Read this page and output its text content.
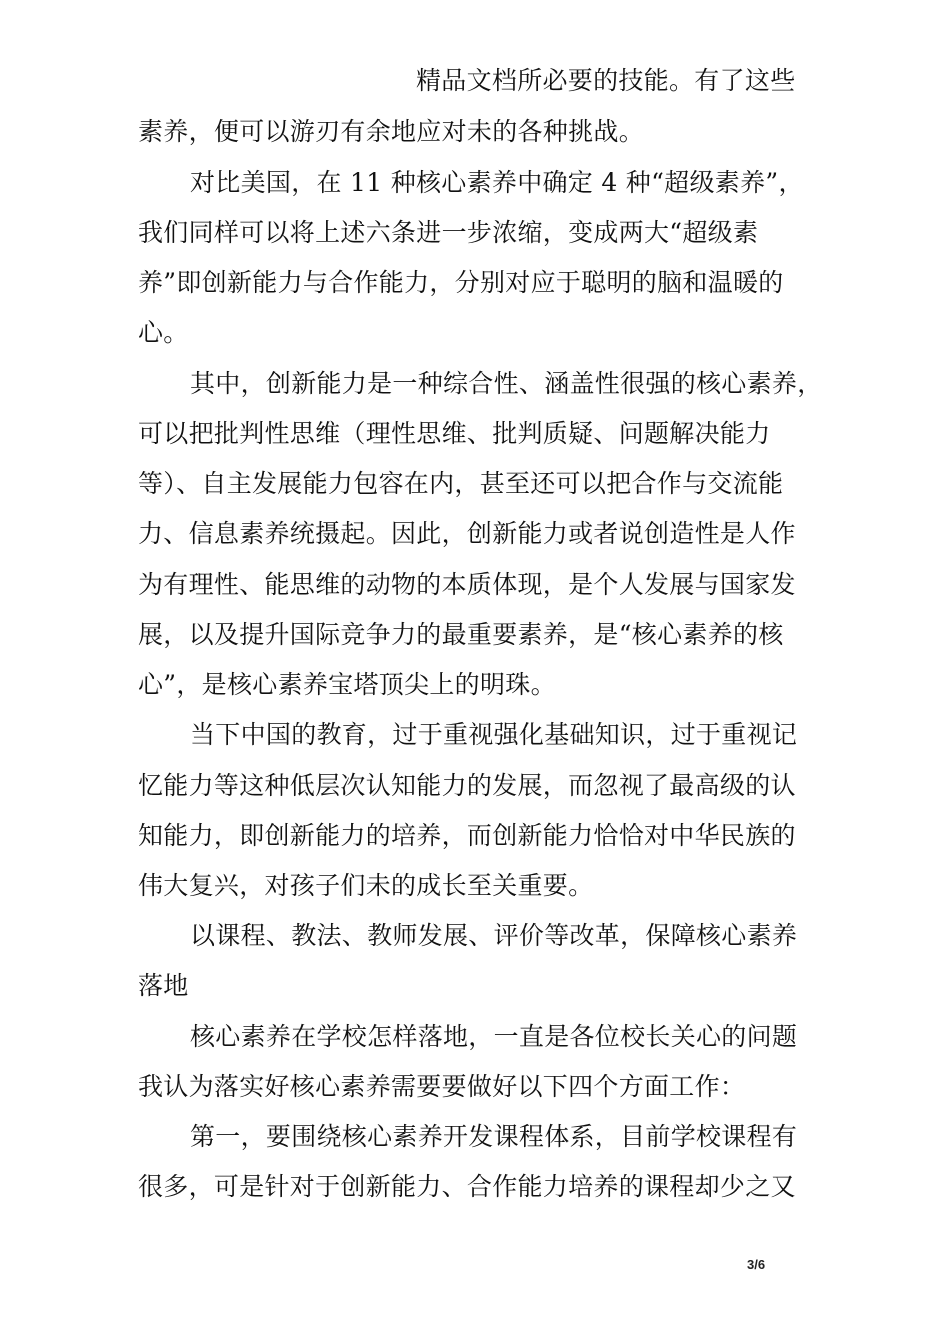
精品文档所必要的技能。有了这些
素养，便可以游刃有余地应对未的各种挑战。
对比美国，在 11 种核心素养中确定 4 种“超级素养”，
我们同样可以将上述六条进一步浓缩，变成两大“超级素
养”即创新能力与合作能力，分别对应于聪明的脑和温暖的
心。
其中，创新能力是一种综合性、涵盖性很强的核心素养，
可以把批判性思维（理性思维、批判质疑、问题解决能力
等）、自主发展能力包容在内，甚至还可以把合作与交流能
力、信息素养统摄起。因此，创新能力或者说创造性是人作
为有理性、能思维的动物的本质体现，是个人发展与国家发
展，以及提升国际竞争力的最重要素养，是“核心素养的核
心”，是核心素养宝塔顶尖上的明珠。
当下中国的教育，过于重视强化基础知识，过于重视记
忆能力等这种低层次认知能力的发展，而忽视了最高级的认
知能力，即创新能力的培养，而创新能力恰恰对中华民族的
伟大复兴，对孩子们未的成长至关重要。
以课程、教法、教师发展、评价等改革，保障核心素养
落地
核心素养在学校怎样落地，一直是各位校长关心的问题
我认为落实好核心素养需要要做好以下四个方面工作：
第一，要围绕核心素养开发课程体系，目前学校课程有
很多，可是针对于创新能力、合作能力培养的课程却少之又
3/6
